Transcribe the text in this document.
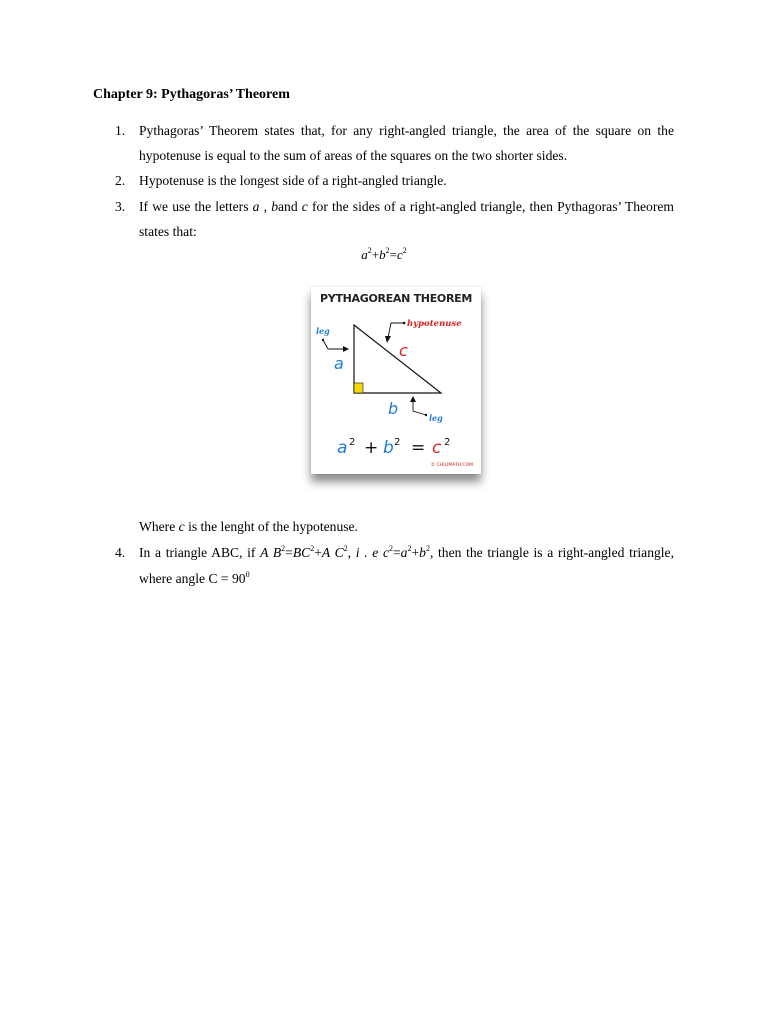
Chapter 9: Pythagoras’ Theorem
1. Pythagoras’ Theorem states that, for any right-angled triangle, the area of the square on the hypotenuse is equal to the sum of areas of the squares on the two shorter sides.
2. Hypotenuse is the longest side of a right-angled triangle.
3. If we use the letters a , band c for the sides of a right-angled triangle, then Pythagoras’ Theorem states that:
$a^2+b^2=c^2$
PYTHAGOREAN THEOREM
hypotenuse
leg
leg
a
c
b
a 2 + b 2 = c 2
© CHILIMATH.COM
Where c is the lenght of the hypotenuse.
4. In a triangle ABC, if A $B^2=BC^2+A$ $C^2$, i . e $c^2=a^2+b^2$, then the triangle is a right-angled triangle, where angle $C = 90^0$
